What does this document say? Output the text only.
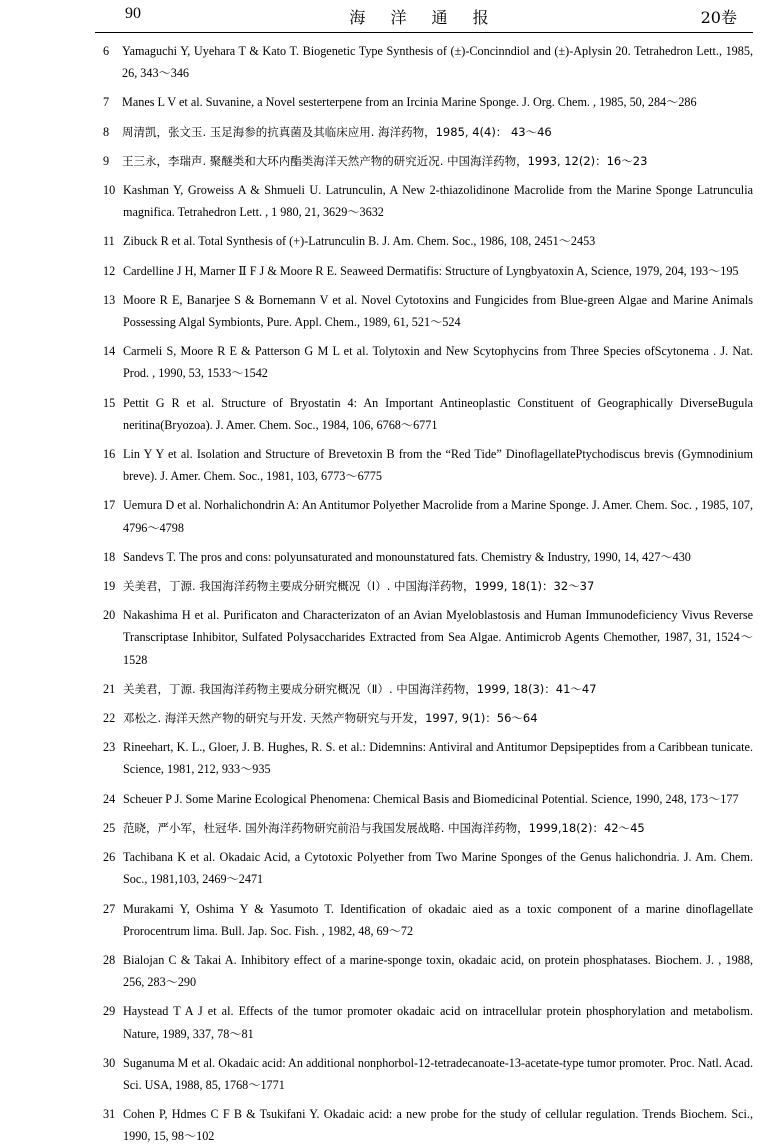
90	海 洋 通 报	20卷

6 Yamaguchi Y, Uyehara T & Kato T. Biogenetic Type Synthesis of (±)-Concinndiol and (±)-Aplysin 20. Tetrahedron Lett., 1985, 26, 343～346

7 Manes L V et al. Suvanine, a Novel sesterterpene from an Ircinia Marine Sponge. J. Org. Chem. , 1985, 50, 284～286

8 周清凯，张文玉. 玉足海参的抗真菌及其临床应用. 海洋药物，1985, 4(4)： 43～46

9 王三永，李瑞声. 聚醚类和大环内酯类海洋天然产物的研究近况. 中国海洋药物，1993, 12(2)：16～23

10 Kashman Y, Groweiss A & Shmueli U. Latrunculin, A New 2-thiazolidinone Macrolide from the Marine Sponge Latrunculia magnifica. Tetrahedron Lett. , 1 980, 21, 3629～3632

11 Zibuck R et al. Total Synthesis of (+)-Latrunculin B. J. Am. Chem. Soc., 1986, 108, 2451～2453

12 Cardelline J H, Marner Ⅱ F J & Moore R E. Seaweed Dermatifis: Structure of Lyngbyatoxin A, Science, 1979, 204, 193～195

13 Moore R E, Banarjee S & Bornemann V et al. Novel Cytotoxins and Fungicides from Blue-green Algae and Marine Animals Possessing Algal Symbionts, Pure. Appl. Chem., 1989, 61, 521～524

14 Carmeli S, Moore R E & Patterson G M L et al. Tolytoxin and New Scytophycins from Three Species ofScytonema . J. Nat. Prod. , 1990, 53, 1533～1542

15 Pettit G R et al. Structure of Bryostatin 4: An Important Antineoplastic Constituent of Geographically DiverseBugula neritina(Bryozoa). J. Amer. Chem. Soc., 1984, 106, 6768～6771

16 Lin Y Y et al. Isolation and Structure of Brevetoxin B from the “Red Tide” DinoflagellatePtychodiscus brevis (Gymnodinium breve). J. Amer. Chem. Soc., 1981, 103, 6773～6775

17 Uemura D et al. Norhalichondrin A: An Antitumor Polyether Macrolide from a Marine Sponge. J. Amer. Chem. Soc. , 1985, 107, 4796～4798

18 Sandevs T. The pros and cons: polyunsaturated and monounstatured fats. Chemistry & Industry, 1990, 14, 427～430

19 关美君，丁源. 我国海洋药物主要成分研究概况（Ⅰ）. 中国海洋药物，1999, 18(1)：32～37

20 Nakashima H et al. Purificaton and Characterizaton of an Avian Myeloblastosis and Human Immunodeficiency Vivus Reverse Transcriptase Inhibitor, Sulfated Polysaccharides Extracted from Sea Algae. Antimicrob Agents Chemother, 1987, 31, 1524～1528

21 关美君，丁源. 我国海洋药物主要成分研究概况（Ⅱ）. 中国海洋药物，1999, 18(3)：41～47

22 邓松之. 海洋天然产物的研究与开发. 天然产物研究与开发，1997, 9(1)：56～64

23 Rineehart, K. L., Gloer, J. B. Hughes, R. S. et al.: Didemnins: Antiviral and Antitumor Depsipeptides from a Caribbean tunicate. Science, 1981, 212, 933～935

24 Scheuer P J. Some Marine Ecological Phenomena: Chemical Basis and Biomedicinal Potential. Science, 1990, 248, 173～177

25 范晓，严小军，杜冠华. 国外海洋药物研究前沿与我国发展战略. 中国海洋药物，1999,18(2)：42～45

26 Tachibana K et al. Okadaic Acid, a Cytotoxic Polyether from Two Marine Sponges of the Genus halichondria. J. Am. Chem. Soc., 1981,103, 2469～2471

27 Murakami Y, Oshima Y & Yasumoto T. Identification of okadaic aied as a toxic component of a marine dinoflagellate Prorocentrum lima. Bull. Jap. Soc. Fish. , 1982, 48, 69～72

28 Bialojan C & Takai A. Inhibitory effect of a marine-sponge toxin, okadaic acid, on protein phosphatases. Biochem. J. , 1988, 256, 283～290

29 Haystead T A J et al. Effects of the tumor promoter okadaic acid on intracellular protein phosphorylation and metabolism. Nature, 1989, 337, 78～81

30 Suganuma M et al. Okadaic acid: An additional nonphorbol-12-tetradecanoate-13-acetate-type tumor promoter. Proc. Natl. Acad. Sci. USA, 1988, 85, 1768～1771

31 Cohen P, Hdmes C F B & Tsukifani Y. Okadaic acid: a new probe for the study of cellular regulation. Trends Biochem. Sci., 1990, 15, 98～102
